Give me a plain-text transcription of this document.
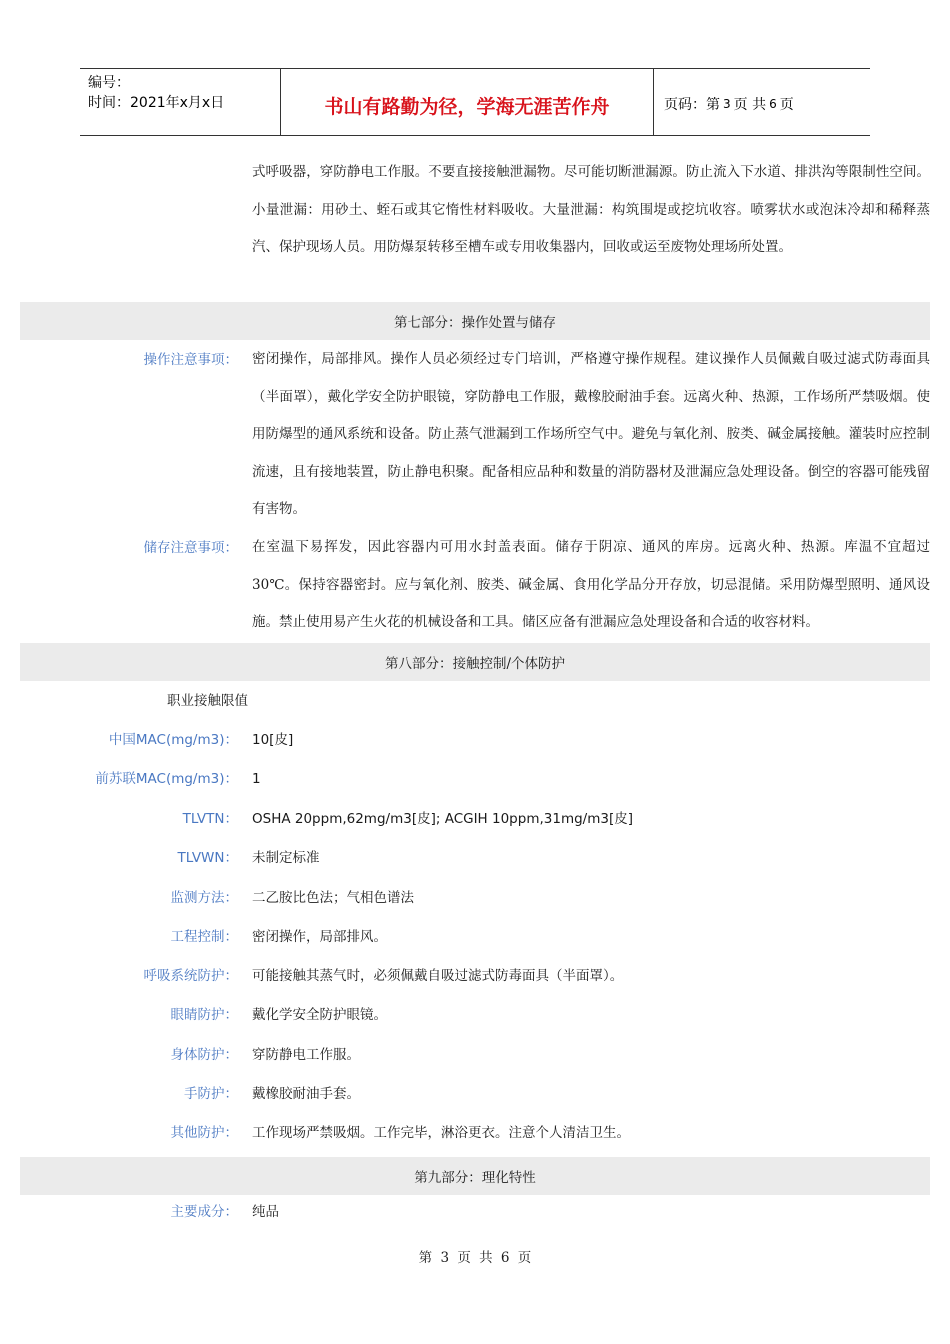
编号：
时间：2021年x月x日	书山有路勤为径，学海无涯苦作舟	页码：第 3 页 共 6 页
式呼吸器，穿防静电工作服。不要直接接触泄漏物。尽可能切断泄漏源。防止流入下水道、排洪沟等限制性空间。小量泄漏：用砂土、蛭石或其它惰性材料吸收。大量泄漏：构筑围堤或挖坑收容。喷雾状水或泡沫冷却和稀释蒸汽、保护现场人员。用防爆泵转移至槽车或专用收集器内，回收或运至废物处理场所处置。
第七部分：操作处置与储存
操作注意事项： 密闭操作，局部排风。操作人员必须经过专门培训，严格遵守操作规程。建议操作人员佩戴自吸过滤式防毒面具（半面罩），戴化学安全防护眼镜，穿防静电工作服，戴橡胶耐油手套。远离火种、热源，工作场所严禁吸烟。使用防爆型的通风系统和设备。防止蒸气泄漏到工作场所空气中。避免与氧化剂、胺类、碱金属接触。灌装时应控制流速，且有接地装置，防止静电积聚。配备相应品种和数量的消防器材及泄漏应急处理设备。倒空的容器可能残留有害物。
储存注意事项： 在室温下易挥发，因此容器内可用水封盖表面。储存于阴凉、通风的库房。远离火种、热源。库温不宜超过30℃。保持容器密封。应与氧化剂、胺类、碱金属、食用化学品分开存放，切忌混储。采用防爆型照明、通风设施。禁止使用易产生火花的机械设备和工具。储区应备有泄漏应急处理设备和合适的收容材料。
第八部分：接触控制/个体防护
职业接触限值
中国MAC(mg/m3)： 10[皮]
前苏联MAC(mg/m3)： 1
TLVTN： OSHA 20ppm,62mg/m3[皮]; ACGIH 10ppm,31mg/m3[皮]
TLVWN： 未制定标准
监测方法： 二乙胺比色法；气相色谱法
工程控制： 密闭操作，局部排风。
呼吸系统防护： 可能接触其蒸气时，必须佩戴自吸过滤式防毒面具（半面罩）。
眼睛防护： 戴化学安全防护眼镜。
身体防护： 穿防静电工作服。
手防护： 戴橡胶耐油手套。
其他防护： 工作现场严禁吸烟。工作完毕，淋浴更衣。注意个人清洁卫生。
第九部分：理化特性
主要成分： 纯品
第 3 页 共 6 页
